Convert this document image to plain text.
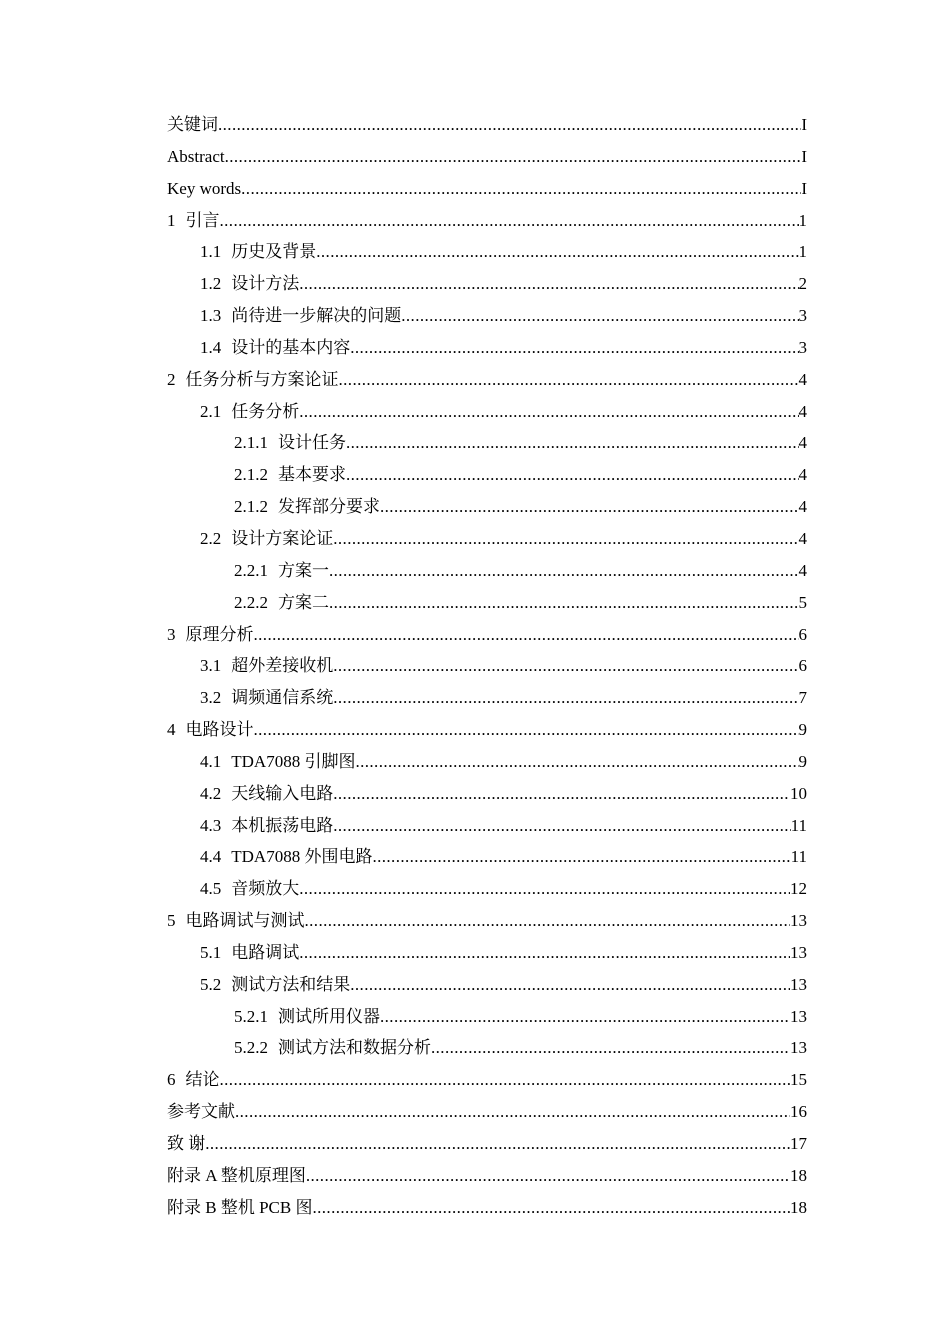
关键词 .....	I
Abstract .....	I
Key words .....	I
1 引言 .....	1
1.1 历史及背景 .....	1
1.2 设计方法 .....	2
1.3 尚待进一步解决的问题 .....	3
1.4 设计的基本内容 .....	3
2 任务分析与方案论证 .....	4
2.1 任务分析 .....	4
2.1.1 设计任务 .....	4
2.1.2 基本要求 .....	4
2.1.2 发挥部分要求 .....	4
2.2 设计方案论证 .....	4
2.2.1 方案一 .....	4
2.2.2 方案二 .....	5
3 原理分析 .....	6
3.1 超外差接收机 .....	6
3.2 调频通信系统 .....	7
4 电路设计 .....	9
4.1 TDA7088 引脚图 .....	9
4.2 天线输入电路 .....	10
4.3 本机振荡电路 .....	11
4.4 TDA7088 外围电路 .....	11
4.5 音频放大 .....	12
5 电路调试与测试 .....	13
5.1 电路调试 .....	13
5.2 测试方法和结果 .....	13
5.2.1 测试所用仪器 .....	13
5.2.2 测试方法和数据分析 .....	13
6 结论 .....	15
参考文献 .....	16
致 谢 .....	17
附录 A 整机原理图 .....	18
附录 B 整机 PCB 图 .....	18
